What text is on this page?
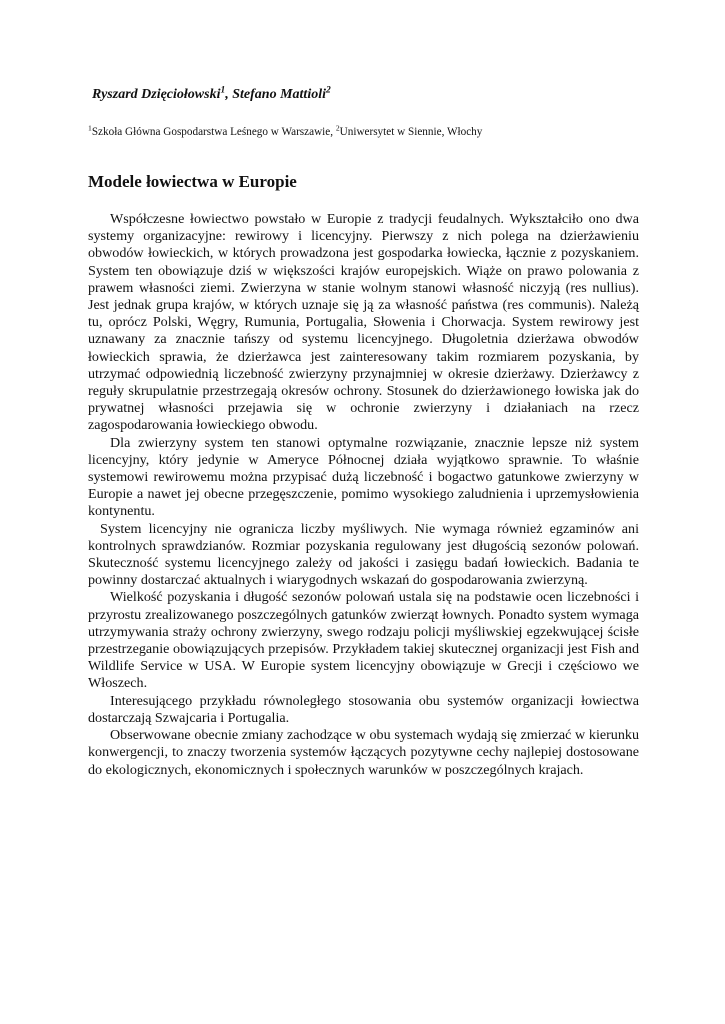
Ryszard Dzięciołowski$^1$, Stefano Mattioli$^2$
$^1$Szkoła Główna Gospodarstwa Leśnego w Warszawie, $^2$Uniwersytet w Siennie, Włochy
Modele łowiectwa w Europie

Współczesne łowiectwo powstało w Europie z tradycji feudalnych. Wykształciło ono dwa systemy organizacyjne: rewirowy i licencyjny. Pierwszy z nich polega na dzierżawieniu obwodów łowieckich, w których prowadzona jest gospodarka łowiecka, łącznie z pozyskaniem. System ten obowiązuje dziś w większości krajów europejskich. Wiąże on prawo polowania z prawem własności ziemi. Zwierzyna w stanie wolnym stanowi własność niczyją (res nullius). Jest jednak grupa krajów, w których uznaje się ją za własność państwa (res communis). Należą tu, oprócz Polski, Węgry, Rumunia, Portugalia, Słowenia i Chorwacja. System rewirowy jest uznawany za znacznie tańszy od systemu licencyjnego. Długoletnia dzierżawa obwodów łowieckich sprawia, że dzierżawca jest zainteresowany takim rozmiarem pozyskania, by utrzymać odpowiednią liczebność zwierzyny przynajmniej w okresie dzierżawy. Dzierżawcy z reguły skrupulatnie przestrzegają okresów ochrony. Stosunek do dzierżawionego łowiska jak do prywatnej własności przejawia się w ochronie zwierzyny i działaniach na rzecz zagospodarowania łowieckiego obwodu.

Dla zwierzyny system ten stanowi optymalne rozwiązanie, znacznie lepsze niż system licencyjny, który jedynie w Ameryce Północnej działa wyjątkowo sprawnie. To właśnie systemowi rewirowemu można przypisać dużą liczebność i bogactwo gatunkowe zwierzyny w Europie a nawet jej obecne przegęszczenie, pomimo wysokiego zaludnienia i uprzemysłowienia kontynentu.

System licencyjny nie ogranicza liczby myśliwych. Nie wymaga również egzaminów ani kontrolnych sprawdzianów. Rozmiar pozyskania regulowany jest długością sezonów polowań. Skuteczność systemu licencyjnego zależy od jakości i zasięgu badań łowieckich. Badania te powinny dostarczać aktualnych i wiarygodnych wskazań do gospodarowania zwierzyną.

Wielkość pozyskania i długość sezonów polowań ustala się na podstawie ocen liczebności i przyrostu zrealizowanego poszczególnych gatunków zwierząt łownych. Ponadto system wymaga utrzymywania straży ochrony zwierzyny, swego rodzaju policji myśliwskiej egzekwującej ścisłe przestrzeganie obowiązujących przepisów. Przykładem takiej skutecznej organizacji jest Fish and Wildlife Service w USA. W Europie system licencyjny obowiązuje w Grecji i częściowo we Włoszech.

Interesującego przykładu równoległego stosowania obu systemów organizacji łowiectwa dostarczają Szwajcaria i Portugalia.

Obserwowane obecnie zmiany zachodzące w obu systemach wydają się zmierzać w kierunku konwergencji, to znaczy tworzenia systemów łączących pozytywne cechy najlepiej dostosowane do ekologicznych, ekonomicznych i społecznych warunków w poszczególnych krajach.
